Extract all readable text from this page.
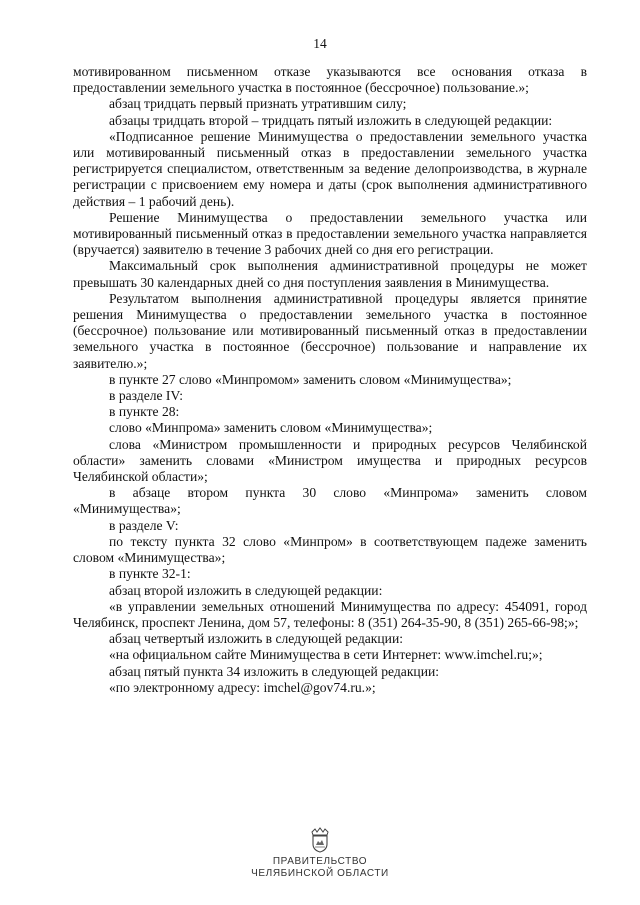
14

мотивированном письменном отказе указываются все основания отказа в предоставлении земельного участка в постоянное (бессрочное) пользование.»;

абзац тридцать первый признать утратившим силу;

абзацы тридцать второй – тридцать пятый изложить в следующей редакции:

«Подписанное решение Минимущества о предоставлении земельного участка или мотивированный письменный отказ в предоставлении земельного участка регистрируется специалистом, ответственным за ведение делопроизводства, в журнале регистрации с присвоением ему номера и даты (срок выполнения административного действия – 1 рабочий день).

Решение Минимущества о предоставлении земельного участка или мотивированный письменный отказ в предоставлении земельного участка направляется (вручается) заявителю в течение 3 рабочих дней со дня его регистрации.

Максимальный срок выполнения административной процедуры не может превышать 30 календарных дней со дня поступления заявления в Минимущества.

Результатом выполнения административной процедуры является принятие решения Минимущества о предоставлении земельного участка в постоянное (бессрочное) пользование или мотивированный письменный отказ в предоставлении земельного участка в постоянное (бессрочное) пользование и направление их заявителю.»;

в пункте 27 слово «Минпромом» заменить словом «Минимущества»;

в разделе IV:

в пункте 28:

слово «Минпрома» заменить словом «Минимущества»;

слова «Министром промышленности и природных ресурсов Челябинской области» заменить словами «Министром имущества и природных ресурсов Челябинской области»;

в абзаце втором пункта 30 слово «Минпрома» заменить словом «Минимущества»;

в разделе V:

по тексту пункта 32 слово «Минпром» в соответствующем падеже заменить словом «Минимущества»;

в пункте 32-1:

абзац второй изложить в следующей редакции:

«в управлении земельных отношений Минимущества по адресу: 454091, город Челябинск, проспект Ленина, дом 57, телефоны: 8 (351) 264-35-90, 8 (351) 265-66-98;»;

абзац четвертый изложить в следующей редакции:

«на официальном сайте Минимущества в сети Интернет: www.imchel.ru;»;

абзац пятый пункта 34 изложить в следующей редакции:

«по электронному адресу: imchel@gov74.ru.»;

ПРАВИТЕЛЬСТВО
ЧЕЛЯБИНСКОЙ ОБЛАСТИ
